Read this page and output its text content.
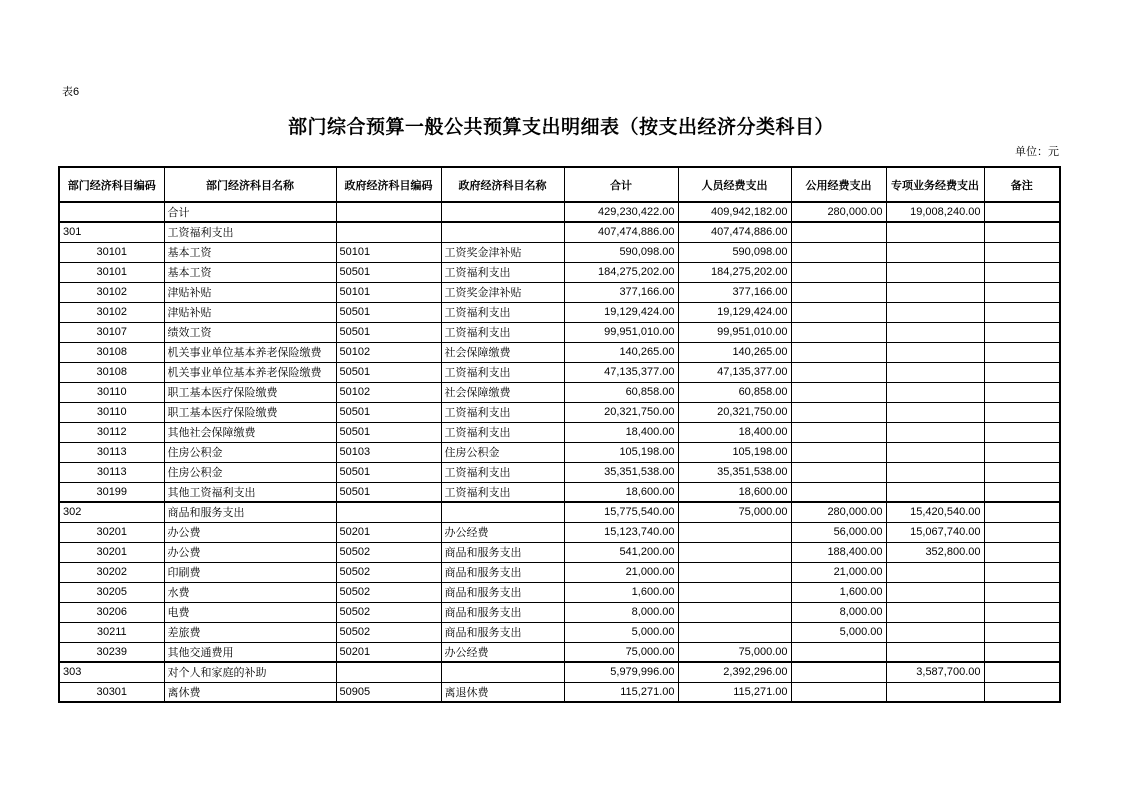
表6
部门综合预算一般公共预算支出明细表（按支出经济分类科目）
单位：元
部门经济科目编码	部门经济科目名称	政府经济科目编码	政府经济科目名称	合计	人员经费支出	公用经费支出	专项业务经费支出	备注
	合计			429,230,422.00	409,942,182.00	280,000.00	19,008,240.00	
301	工资福利支出			407,474,886.00	407,474,886.00			
30101	基本工资	50101	工资奖金津补贴	590,098.00	590,098.00			
30101	基本工资	50501	工资福利支出	184,275,202.00	184,275,202.00			
30102	津贴补贴	50101	工资奖金津补贴	377,166.00	377,166.00			
30102	津贴补贴	50501	工资福利支出	19,129,424.00	19,129,424.00			
30107	绩效工资	50501	工资福利支出	99,951,010.00	99,951,010.00			
30108	机关事业单位基本养老保险缴费	50102	社会保障缴费	140,265.00	140,265.00			
30108	机关事业单位基本养老保险缴费	50501	工资福利支出	47,135,377.00	47,135,377.00			
30110	职工基本医疗保险缴费	50102	社会保障缴费	60,858.00	60,858.00			
30110	职工基本医疗保险缴费	50501	工资福利支出	20,321,750.00	20,321,750.00			
30112	其他社会保障缴费	50501	工资福利支出	18,400.00	18,400.00			
30113	住房公积金	50103	住房公积金	105,198.00	105,198.00			
30113	住房公积金	50501	工资福利支出	35,351,538.00	35,351,538.00			
30199	其他工资福利支出	50501	工资福利支出	18,600.00	18,600.00			
302	商品和服务支出			15,775,540.00	75,000.00	280,000.00	15,420,540.00	
30201	办公费	50201	办公经费	15,123,740.00		56,000.00	15,067,740.00	
30201	办公费	50502	商品和服务支出	541,200.00		188,400.00	352,800.00	
30202	印刷费	50502	商品和服务支出	21,000.00		21,000.00		
30205	水费	50502	商品和服务支出	1,600.00		1,600.00		
30206	电费	50502	商品和服务支出	8,000.00		8,000.00		
30211	差旅费	50502	商品和服务支出	5,000.00		5,000.00		
30239	其他交通费用	50201	办公经费	75,000.00	75,000.00			
303	对个人和家庭的补助			5,979,996.00	2,392,296.00		3,587,700.00	
30301	离休费	50905	离退休费	115,271.00	115,271.00			
